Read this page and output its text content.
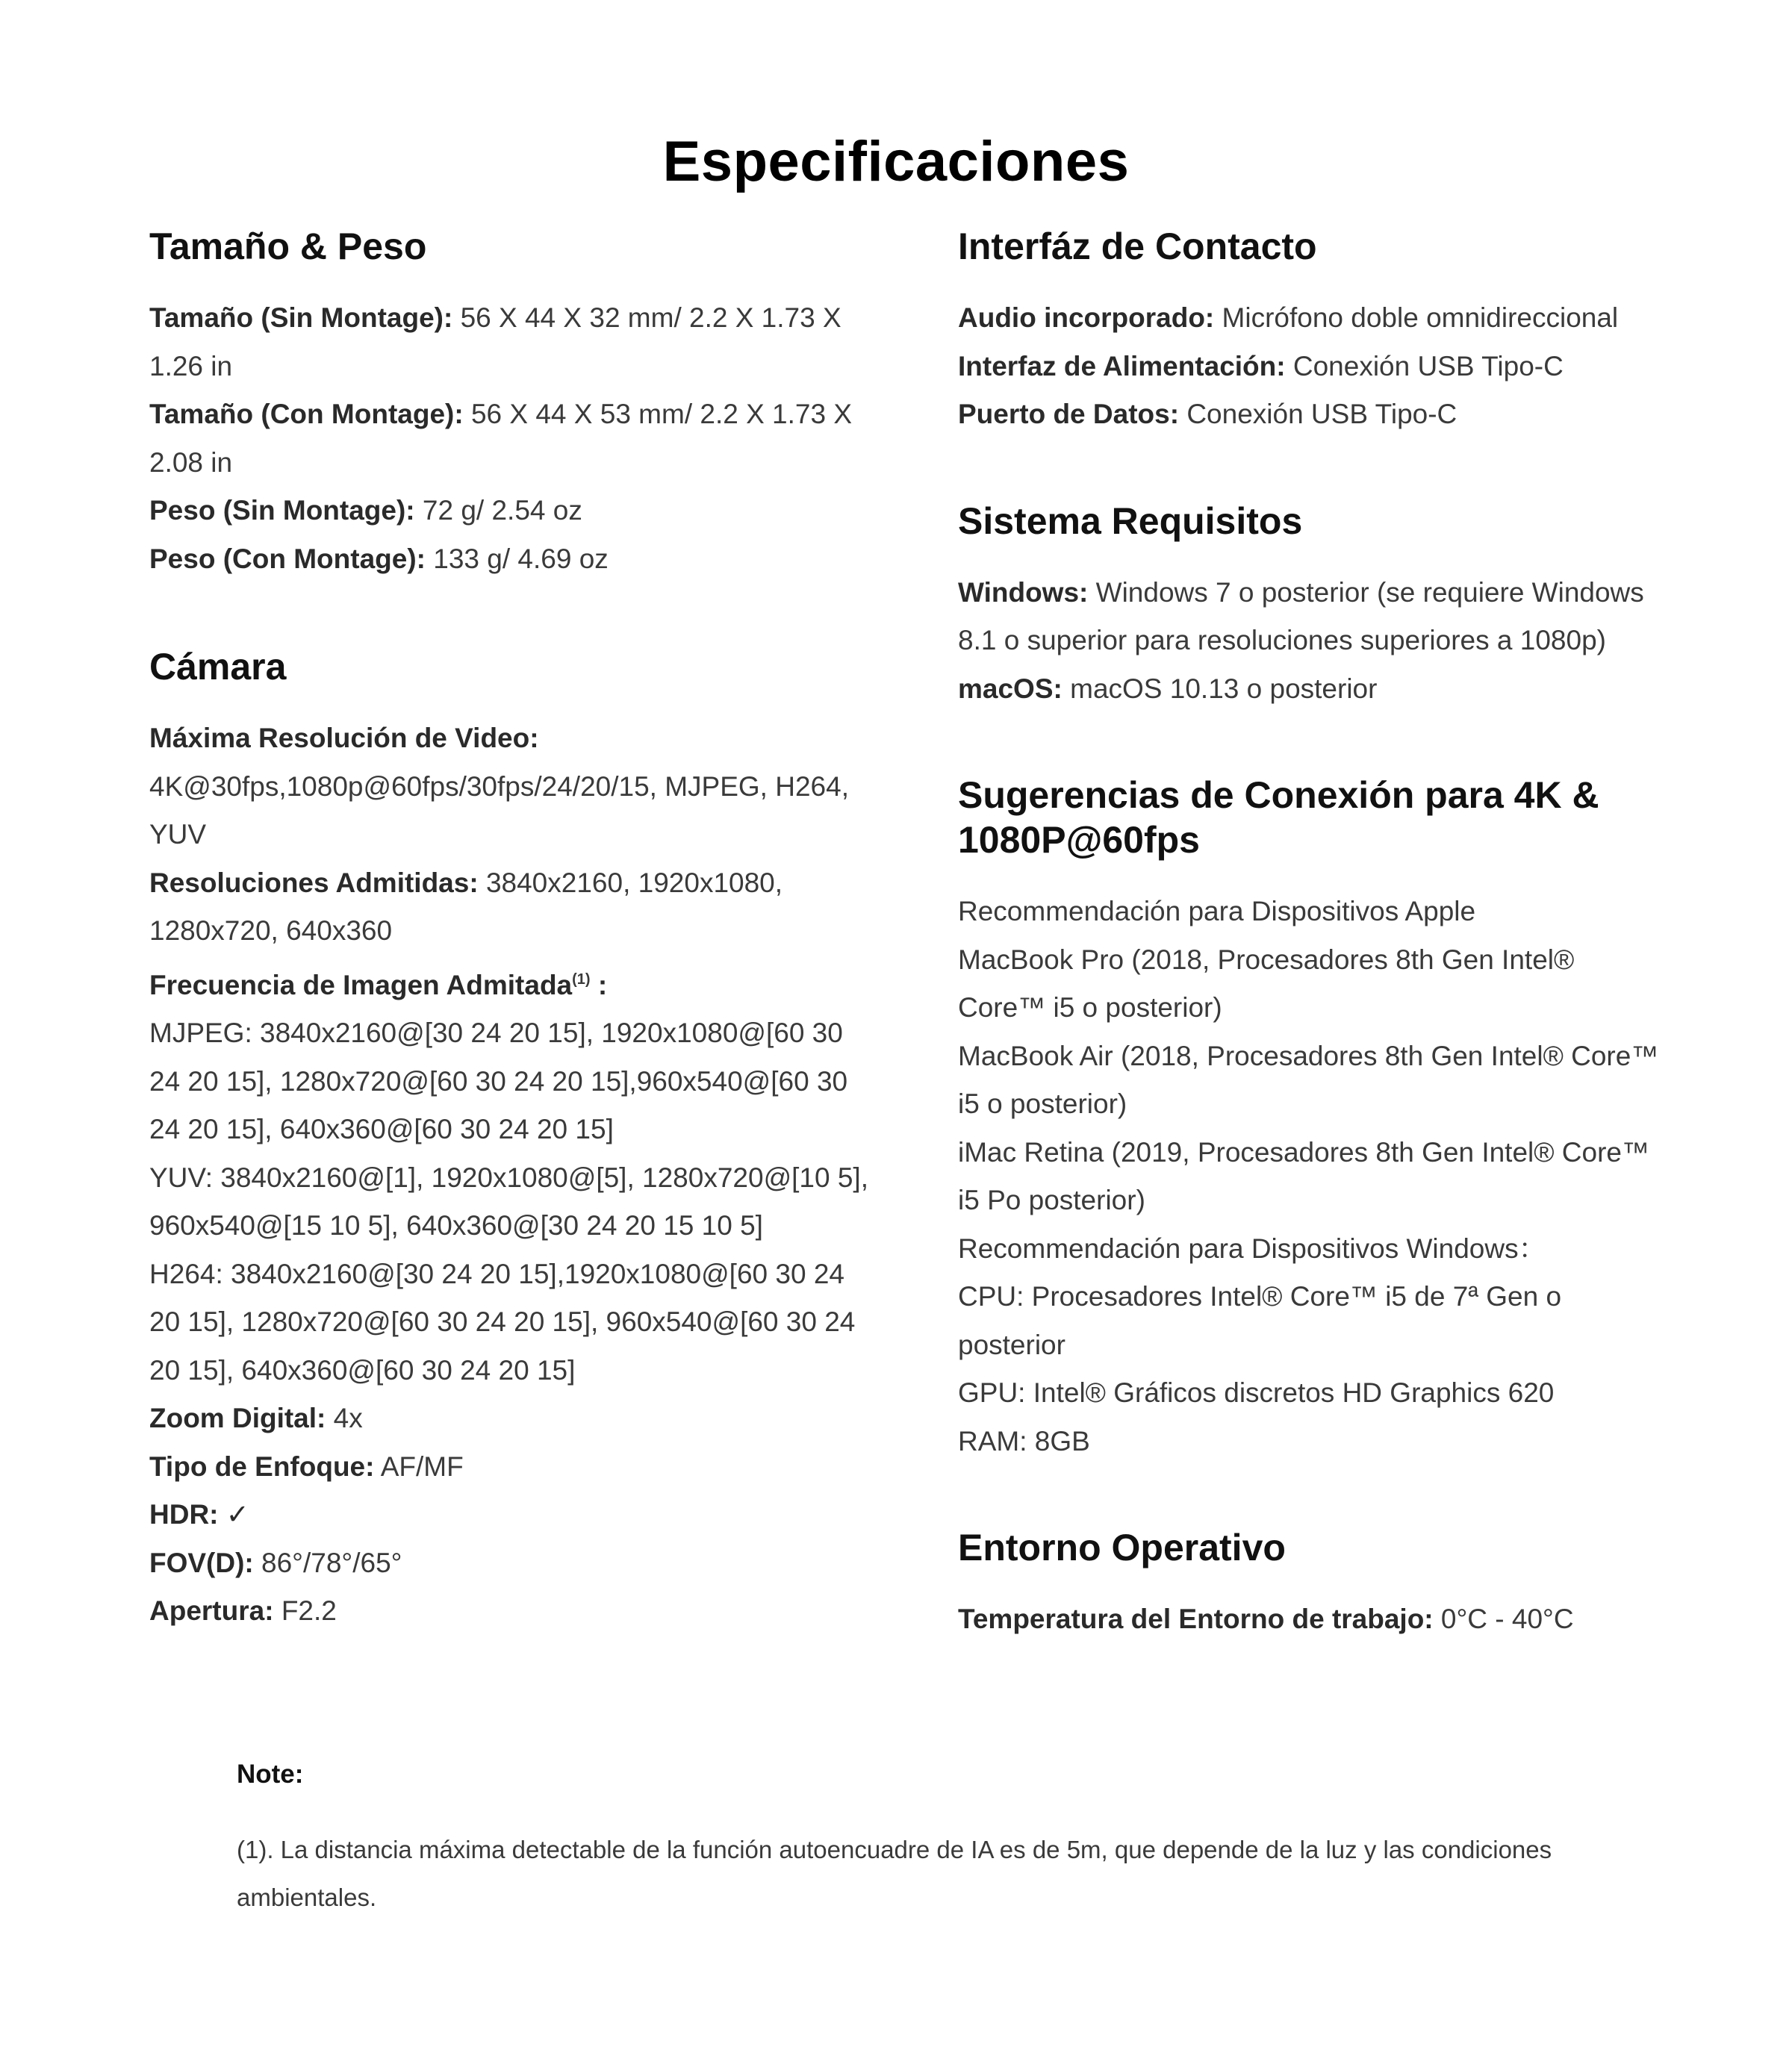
Especificaciones
Tamaño & Peso
Tamaño (Sin Montage): 56 X 44 X 32 mm/ 2.2 X 1.73 X 1.26 in
Tamaño (Con Montage): 56 X 44 X 53 mm/ 2.2 X 1.73 X 2.08 in
Peso (Sin Montage): 72 g/ 2.54 oz
Peso (Con Montage): 133 g/ 4.69 oz
Cámara
Máxima Resolución de Video:
4K@30fps,1080p@60fps/30fps/24/20/15, MJPEG, H264, YUV
Resoluciones Admitidas: 3840x2160, 1920x1080, 1280x720, 640x360
Frecuencia de Imagen Admitada$^{(1)}$ :
MJPEG: 3840x2160@[30 24 20 15], 1920x1080@[60 30 24 20 15], 1280x720@[60 30 24 20 15],960x540@[60 30 24 20 15], 640x360@[60 30 24 20 15]
YUV: 3840x2160@[1], 1920x1080@[5], 1280x720@[10 5], 960x540@[15 10 5], 640x360@[30 24 20 15 10 5]
H264: 3840x2160@[30 24 20 15],1920x1080@[60 30 24 20 15], 1280x720@[60 30 24 20 15], 960x540@[60 30 24 20 15], 640x360@[60 30 24 20 15]
Zoom Digital: 4x
Tipo de Enfoque: AF/MF
HDR: ✓
FOV(D): 86°/78°/65°
Apertura: F2.2
Interfáz de Contacto
Audio incorporado: Micrófono doble omnidireccional
Interfaz de Alimentación: Conexión USB Tipo-C
Puerto de Datos: Conexión USB Tipo-C
Sistema Requisitos
Windows: Windows 7 o posterior (se requiere Windows 8.1 o superior para resoluciones superiores a 1080p)
macOS: macOS 10.13 o posterior
Sugerencias de Conexión para 4K & 1080P@60fps
Recommendación para Dispositivos Apple
MacBook Pro (2018, Procesadores 8th Gen Intel® Core™ i5 o posterior)
MacBook Air (2018, Procesadores 8th Gen Intel® Core™ i5 o posterior)
iMac Retina (2019, Procesadores 8th Gen Intel® Core™ i5 Po posterior)
Recommendación para Dispositivos Windows：
CPU: Procesadores Intel® Core™ i5 de 7ª Gen o posterior
GPU: Intel® Gráficos discretos HD Graphics 620
RAM: 8GB
Entorno Operativo
Temperatura del Entorno de trabajo: 0°C - 40°C
Note:
(1). La distancia máxima detectable de la función autoencuadre de IA es de 5m, que depende de la luz y las condiciones ambientales.
